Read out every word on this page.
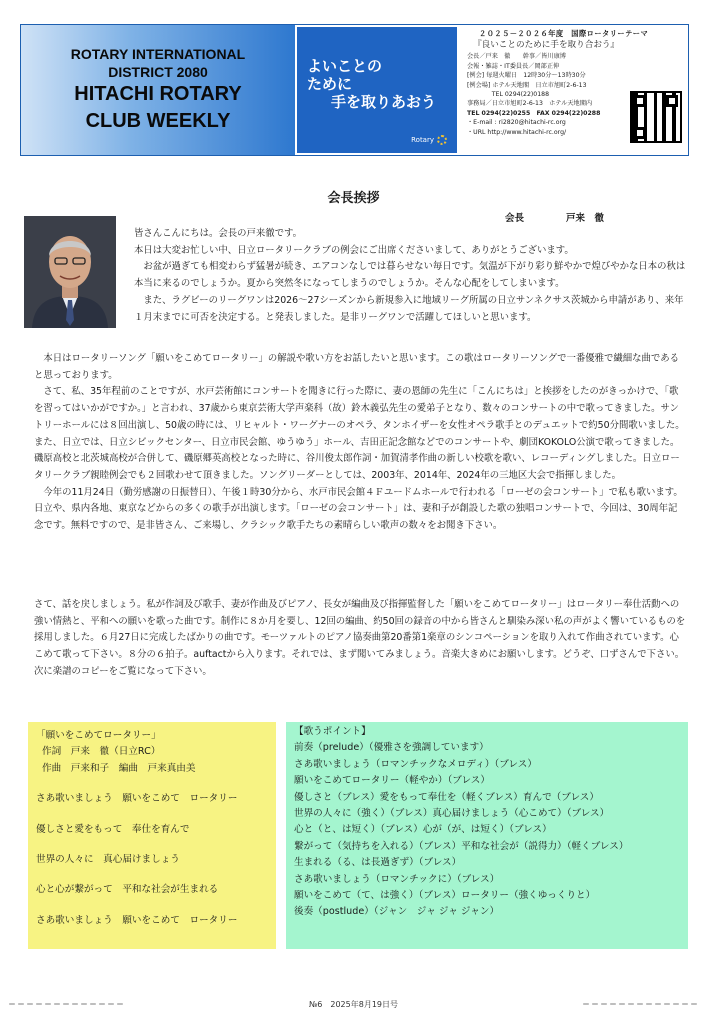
ROTARY INTERNATIONAL
DISTRICT 2080
HITACHI ROTARY
CLUB WEEKLY
よいことの
ために
手を取りあおう
Rotary
２０２５－２０２６年度　国際ロータリーテーマ
『良いことのために手を取り合おう』
会長／戸来　徹　　幹事／皆川康博
会報・雑誌・IT委員長／岡部正伸
[例会] 毎週火曜日　12時30分～13時30分
[例会場] ホテル天地閣　日立市旭町2-6-13
　　　　TEL 0294(22)0188
事務局／日立市旭町2-6-13　ホテル天地閣内
TEL 0294(22)0255　FAX 0294(22)0288
・E-mail : ri2820@hitachi-rc.org
・URL http://www.hitachi-rc.org/
会長挨拶
会長	戸来　徹
皆さんこんにちは。会長の戸来徹です。
本日は大変お忙しい中、日立ロータリークラブの例会にご出席くださいまして、ありがとうございます。
　お盆が過ぎても相変わらず猛暑が続き、エアコンなしでは暮らせない毎日です。気温が下がり彩り鮮やかで煌びやかな日本の秋は本当に来るのでしょうか。夏から突然冬になってしまうのでしょうか。そんな心配をしてしまいます。
　また、ラグビーのリーグワンは2026～27シーズンから新規参入に地域リーグ所属の日立サンネクサス茨城から申請があり、来年１月末までに可否を決定する。と発表しました。是非リーグワンで活躍してほしいと思います。
　本日はロータリーソング「願いをこめてロータリー」の解説や歌い方をお話したいと思います。この歌はロータリーソングで一番優雅で繊細な曲であると思っております。
　さて、私、35年程前のことですが、水戸芸術館にコンサートを聞きに行った際に、妻の恩師の先生に「こんにちは」と挨拶をしたのがきっかけで、「歌を習ってはいかがですか。」と言われ、37歳から東京芸術大学声楽科（故）鈴木義弘先生の愛弟子となり、数々のコンサートの中で歌ってきました。サントリーホールには８回出演し、50歳の時には、リヒャルト・ワーグナーのオペラ、タンホイザーを女性オペラ歌手とのデュエットで約50分間歌いました。また、日立では、日立シビックセンター、日立市民会館、ゆうゆう」ホール、吉田正記念館などでのコンサートや、劇団KOKOLO公演で歌ってきました。磯原高校と北茨城高校が合併して、磯原郷英高校となった時に、谷川俊太郎作詞・加賀清孝作曲の新しい校歌を歌い、レコーディングしました。日立ロータリークラブ親睦例会でも２回歌わせて頂きました。ソングリーダーとしては、2003年、2014年、2024年の三地区大会で指揮しました。
　今年の11月24日（勤労感謝の日振替日）、午後１時30分から、水戸市民会館４Ｆユードムホールで行われる「ローゼの会コンサート」で私も歌います。日立や、県内各地、東京などからの多くの歌手が出演します。「ローゼの会コンサート」は、妻和子が創設した歌の独唱コンサートで、今回は、30周年記念です。無料ですので、是非皆さん、ご来場し、クラシック歌手たちの素晴らしい歌声の数々をお聞き下さい。
さて、話を戻しましょう。私が作詞及び歌手、妻が作曲及びピアノ、長女が編曲及び指揮監督した「願いをこめてロータリー」はロータリー奉仕活動への強い情熱と、平和への願いを歌った曲です。制作に８か月を要し、12回の編曲、約50回の録音の中から皆さんと馴染み深い私の声がよく響いているものを採用しました。６月27日に完成したばかりの曲です。モーツァルトのピアノ協奏曲第20番第1楽章のシンコペーションを取り入れて作曲されています。心こめて歌って下さい。８分の６拍子。auftactから入ります。それでは、まず聞いてみましょう。音楽大きめにお願いします。どうぞ、口ずさんで下さい。
次に楽譜のコピーをご覧になって下さい。
「願いをこめてロータリー」
作詞　戸来　徹（日立RC）
作曲　戸来和子　編曲　戸来真由美
さあ歌いましょう　願いをこめて　ロータリー
優しさと愛をもって　奉仕を育んで
世界の人々に　真心届けましょう
心と心が繋がって　平和な社会が生まれる
さあ歌いましょう　願いをこめて　ロータリー
【歌うポイント】
前奏（prelude）（優雅さを強調しています）
さあ歌いましょう（ロマンチックなメロディ）（ブレス）
願いをこめてロータリー（軽やか）（ブレス）
優しさと（ブレス）愛をもって奉仕を（軽くブレス）育んで（ブレス）
世界の人々に（強く）（ブレス）真心届けましょう（心こめて）（ブレス）
心と（と、は短く）（ブレス）心が（が、は短く）（ブレス）
繋がって（気持ちを入れる）（ブレス）平和な社会が（説得力）（軽くブレス）
生まれる（る、は長過ぎず）（ブレス）
さあ歌いましょう（ロマンチックに）（ブレス）
願いをこめて（て、は強く）（ブレス）ロータリー（強くゆっくりと）
後奏（postlude）（ジャン　ジャ ジャ ジャン）
＝＝＝＝＝＝＝＝＝＝＝＝＝	№6　2025年8月19日号	＝＝＝＝＝＝＝＝＝＝＝＝＝
